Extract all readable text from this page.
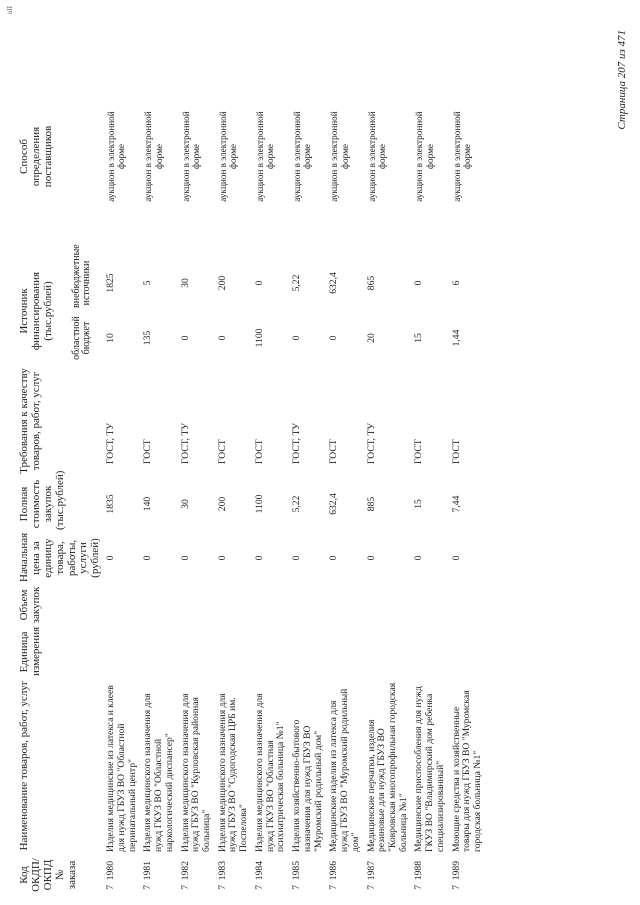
Код ОКДП/ ОКПД № заказа	Наименование товаров, работ, услуг	Единица измерения	Объем закупок	Начальная цена за единицу товара, работы, услуги (рублей)	Полная стоимость закупок (тыс.рублей)	Требования к качеству товаров, работ, услуг	Источник финансирования (тыс.рублей)			Способ определения поставщиков	
							областной бюджет	внебюджетные источники			
71980	Изделия медицинские из латекса и клеев для нужд ГБУЗ ВО "Областной перинатальный центр"			0	1835	ГОСТ, ТУ	10	1825		аукцион в электронной форме	
71981	Изделия медицинского назначения для нужд ГКУЗ ВО "Областной наркологический диспансер"			0	140	ГОСТ	135	5		аукцион в электронной форме	
71982	Изделия медицинского назначения для нужд ГБУЗ ВО "Курловская районная больница"			0	30	ГОСТ, ТУ	0	30		аукцион в электронной форме	
71983	Изделия медицинского назначения для нужд ГБУЗ ВО "Судогодская ЦРБ им. Поспелова"			0	200	ГОСТ	0	200		аукцион в электронной форме	
71984	Изделия медицинского назначения для нужд ГКУЗ ВО "Областная психиатрическая больница №1"			0	1100	ГОСТ	1100	0		аукцион в электронной форме	
71985	Изделия хозяйственно-бытового назначения для нужд ГБУЗ ВО "Муромский родильный дом"			0	5,22	ГОСТ, ТУ	0	5,22		аукцион в электронной форме	
71986	Медицинские изделия из латекса для нужд ГБУЗ ВО "Муромский родильный дом"			0	632,4	ГОСТ	0	632,4		аукцион в электронной форме	
71987	Медицинские перчатки, изделия резиновые для нужд ГБУЗ ВО "Ковровская многопрофильная городская больница №1"			0	885	ГОСТ, ТУ	20	865		аукцион в электронной форме	
71988	Медицинские приспособления для нужд ГКУЗ ВО "Владимирский дом ребенка специализированный"			0	15	ГОСТ	15	0		аукцион в электронной форме	
71989	Моющие средства и хозяйственные товары для нужд ГБУЗ ВО "Муромская городская больница №1"			0	7,44	ГОСТ	1,44	6		аукцион в электронной форме	
Страница 207 из 471
ɑΙΙ
